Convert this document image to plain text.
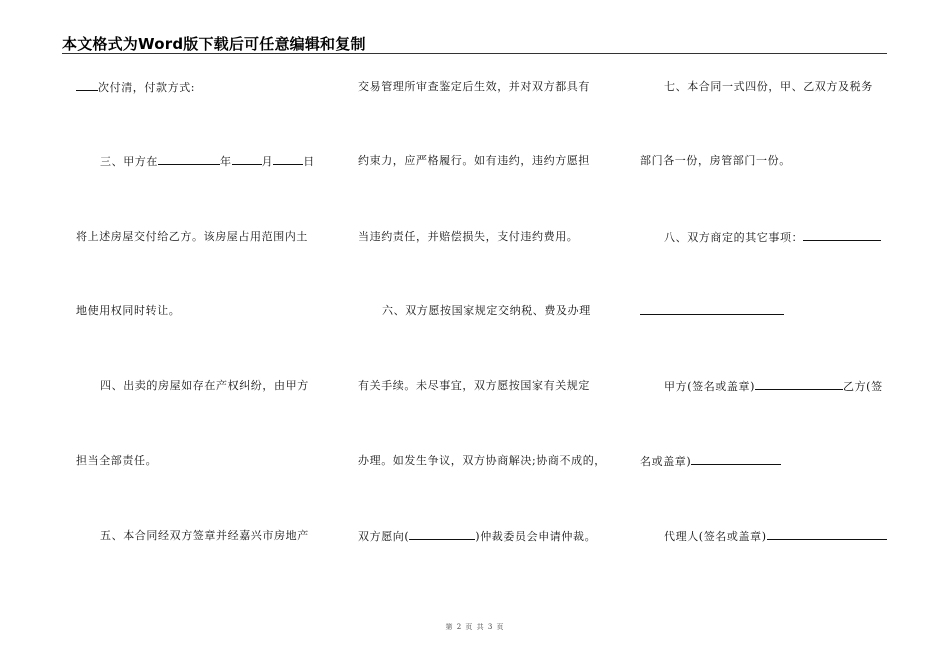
本文格式为Word版下载后可任意编辑和复制
次付清，付款方式:
三、甲方在	年	月	日
将上述房屋交付给乙方。该房屋占用范围内土
地使用权同时转让。
四、出卖的房屋如存在产权纠纷，由甲方
担当全部责任。
五、本合同经双方签章并经嘉兴市房地产
交易管理所审查鉴定后生效，并对双方都具有
约束力，应严格履行。如有违约，违约方愿担
当违约责任，并赔偿损失，支付违约费用。
六、双方愿按国家规定交纳税、费及办理
有关手续。未尽事宜，双方愿按国家有关规定
办理。如发生争议，双方协商解决;协商不成的，
双方愿向(	)仲裁委员会申请仲裁。
七、本合同一式四份，甲、乙双方及税务
部门各一份，房管部门一份。
八、双方商定的其它事项：
甲方(签名或盖章)	乙方(签
名或盖章)
代理人(签名或盖章)
第 2 页 共 3 页
